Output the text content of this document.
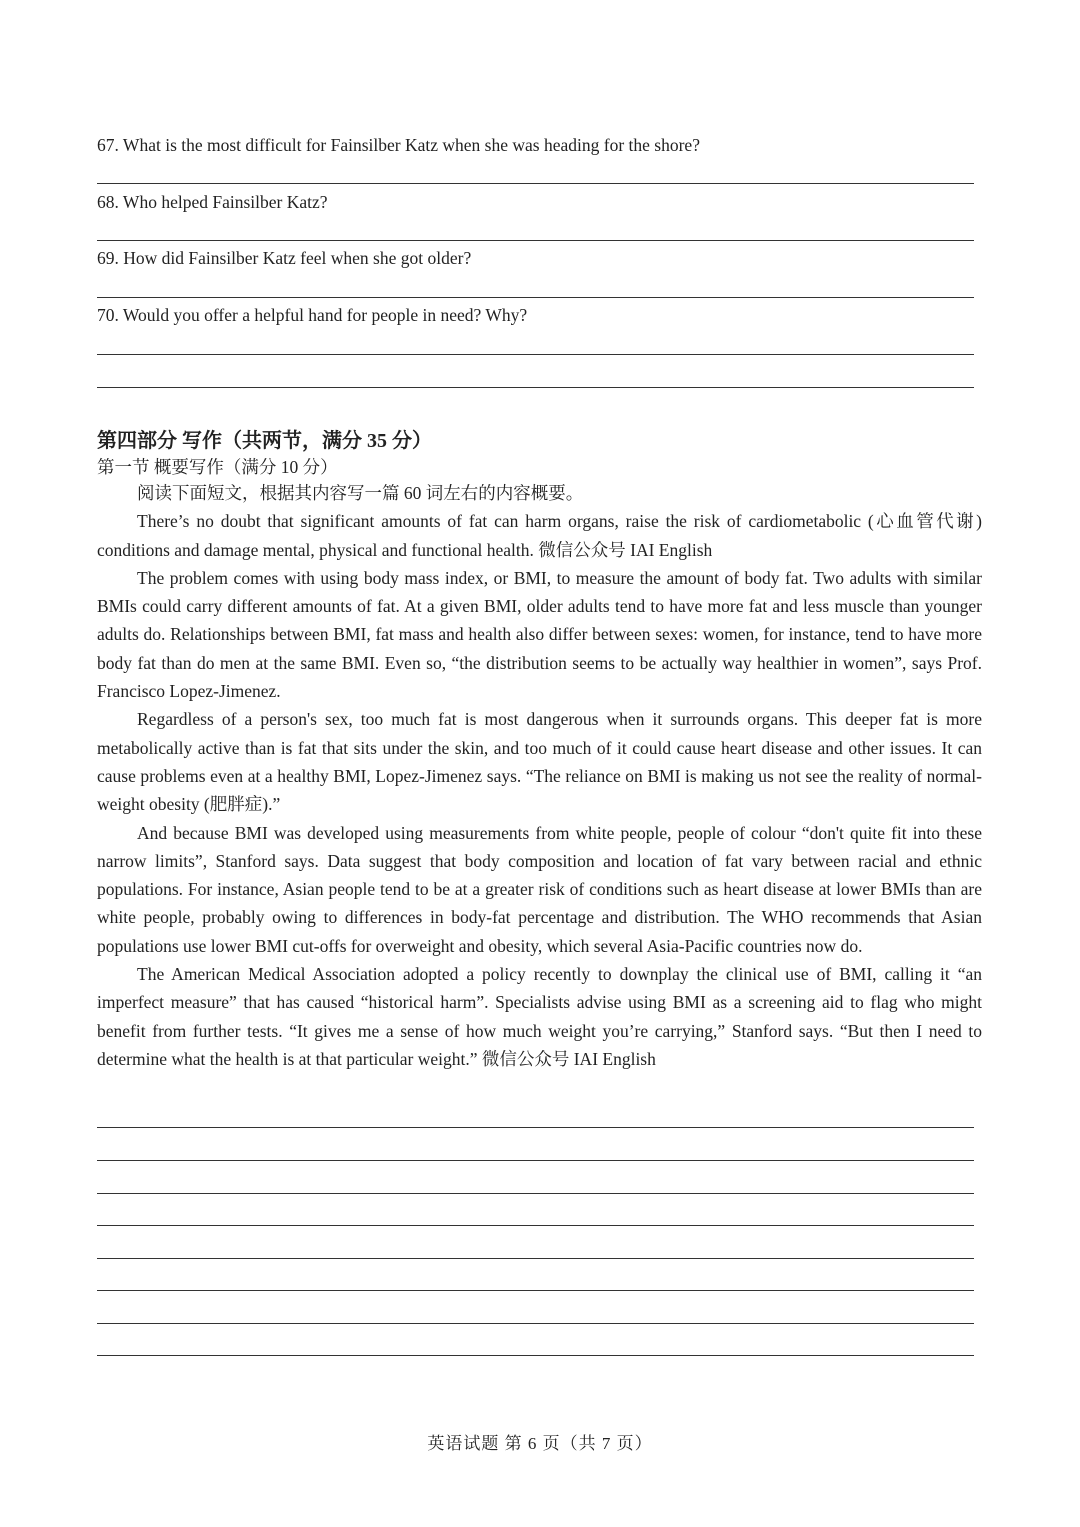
67. What is the most difficult for Fainsilber Katz when she was heading for the shore?
68. Who helped Fainsilber Katz?
69. How did Fainsilber Katz feel when she got older?
70. Would you offer a helpful hand for people in need? Why?
第四部分 写作（共两节，满分 35 分）
第一节 概要写作（满分 10 分）

阅读下面短文，根据其内容写一篇 60 词左右的内容概要。

There’s no doubt that significant amounts of fat can harm organs, raise the risk of cardiometabolic (心血管代谢) conditions and damage mental, physical and functional health. 微信公众号 IAI English

The problem comes with using body mass index, or BMI, to measure the amount of body fat. Two adults with similar BMIs could carry different amounts of fat. At a given BMI, older adults tend to have more fat and less muscle than younger adults do. Relationships between BMI, fat mass and health also differ between sexes: women, for instance, tend to have more body fat than do men at the same BMI. Even so, “the distribution seems to be actually way healthier in women”, says Prof. Francisco Lopez-Jimenez.

Regardless of a person's sex, too much fat is most dangerous when it surrounds organs. This deeper fat is more metabolically active than is fat that sits under the skin, and too much of it could cause heart disease and other issues. It can cause problems even at a healthy BMI, Lopez-Jimenez says. “The reliance on BMI is making us not see the reality of normal-weight obesity (肥胖症).”

And because BMI was developed using measurements from white people, people of colour “don't quite fit into these narrow limits”, Stanford says. Data suggest that body composition and location of fat vary between racial and ethnic populations. For instance, Asian people tend to be at a greater risk of conditions such as heart disease at lower BMIs than are white people, probably owing to differences in body-fat percentage and distribution. The WHO recommends that Asian populations use lower BMI cut-offs for overweight and obesity, which several Asia-Pacific countries now do.

The American Medical Association adopted a policy recently to downplay the clinical use of BMI, calling it “an imperfect measure” that has caused “historical harm”. Specialists advise using BMI as a screening aid to flag who might benefit from further tests. “It gives me a sense of how much weight you’re carrying,” Stanford says. “But then I need to determine what the health is at that particular weight.” 微信公众号 IAI English

英语试题 第 6 页（共 7 页）
